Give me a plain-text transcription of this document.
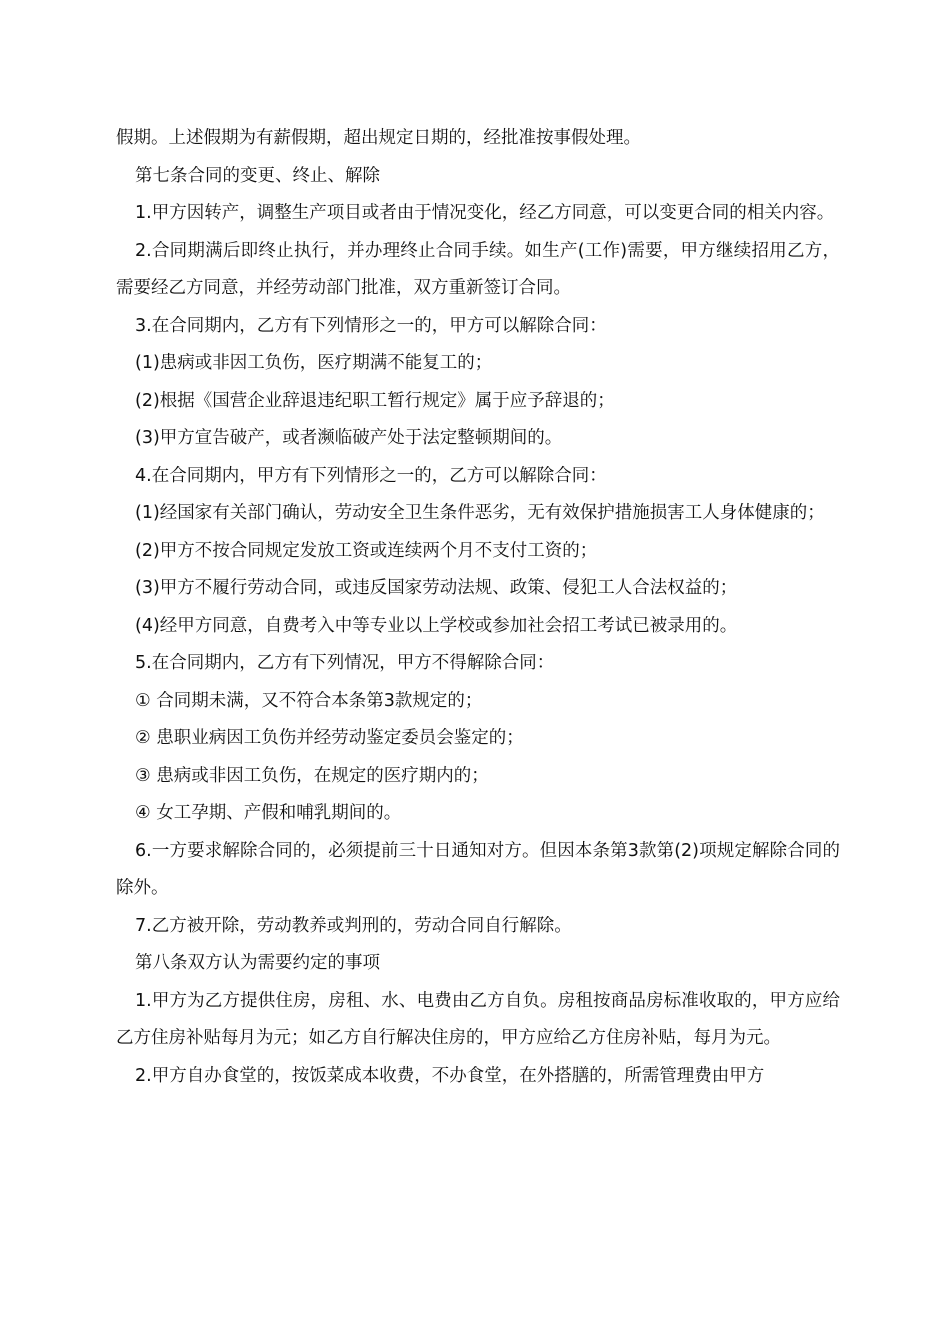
假期。上述假期为有薪假期，超出规定日期的，经批准按事假处理。

第七条合同的变更、终止、解除

1.甲方因转产，调整生产项目或者由于情况变化，经乙方同意，可以变更合同的相关内容。

2.合同期满后即终止执行，并办理终止合同手续。如生产(工作)需要，甲方继续招用乙方，需要经乙方同意，并经劳动部门批准，双方重新签订合同。

3.在合同期内，乙方有下列情形之一的，甲方可以解除合同：

(1)患病或非因工负伤，医疗期满不能复工的；

(2)根据《国营企业辞退违纪职工暂行规定》属于应予辞退的；

(3)甲方宣告破产，或者濒临破产处于法定整顿期间的。

4.在合同期内，甲方有下列情形之一的，乙方可以解除合同：

(1)经国家有关部门确认，劳动安全卫生条件恶劣，无有效保护措施损害工人身体健康的；

(2)甲方不按合同规定发放工资或连续两个月不支付工资的；

(3)甲方不履行劳动合同，或违反国家劳动法规、政策、侵犯工人合法权益的；

(4)经甲方同意，自费考入中等专业以上学校或参加社会招工考试已被录用的。

5.在合同期内，乙方有下列情况，甲方不得解除合同：

① 合同期未满，又不符合本条第3款规定的；

② 患职业病因工负伤并经劳动鉴定委员会鉴定的；

③ 患病或非因工负伤，在规定的医疗期内的；

④ 女工孕期、产假和哺乳期间的。

6.一方要求解除合同的，必须提前三十日通知对方。但因本条第3款第(2)项规定解除合同的除外。

7.乙方被开除，劳动教养或判刑的，劳动合同自行解除。

第八条双方认为需要约定的事项

1.甲方为乙方提供住房，房租、水、电费由乙方自负。房租按商品房标准收取的，甲方应给乙方住房补贴每月为元；如乙方自行解决住房的，甲方应给乙方住房补贴，每月为元。

2.甲方自办食堂的，按饭菜成本收费，不办食堂，在外搭膳的，所需管理费由甲方
